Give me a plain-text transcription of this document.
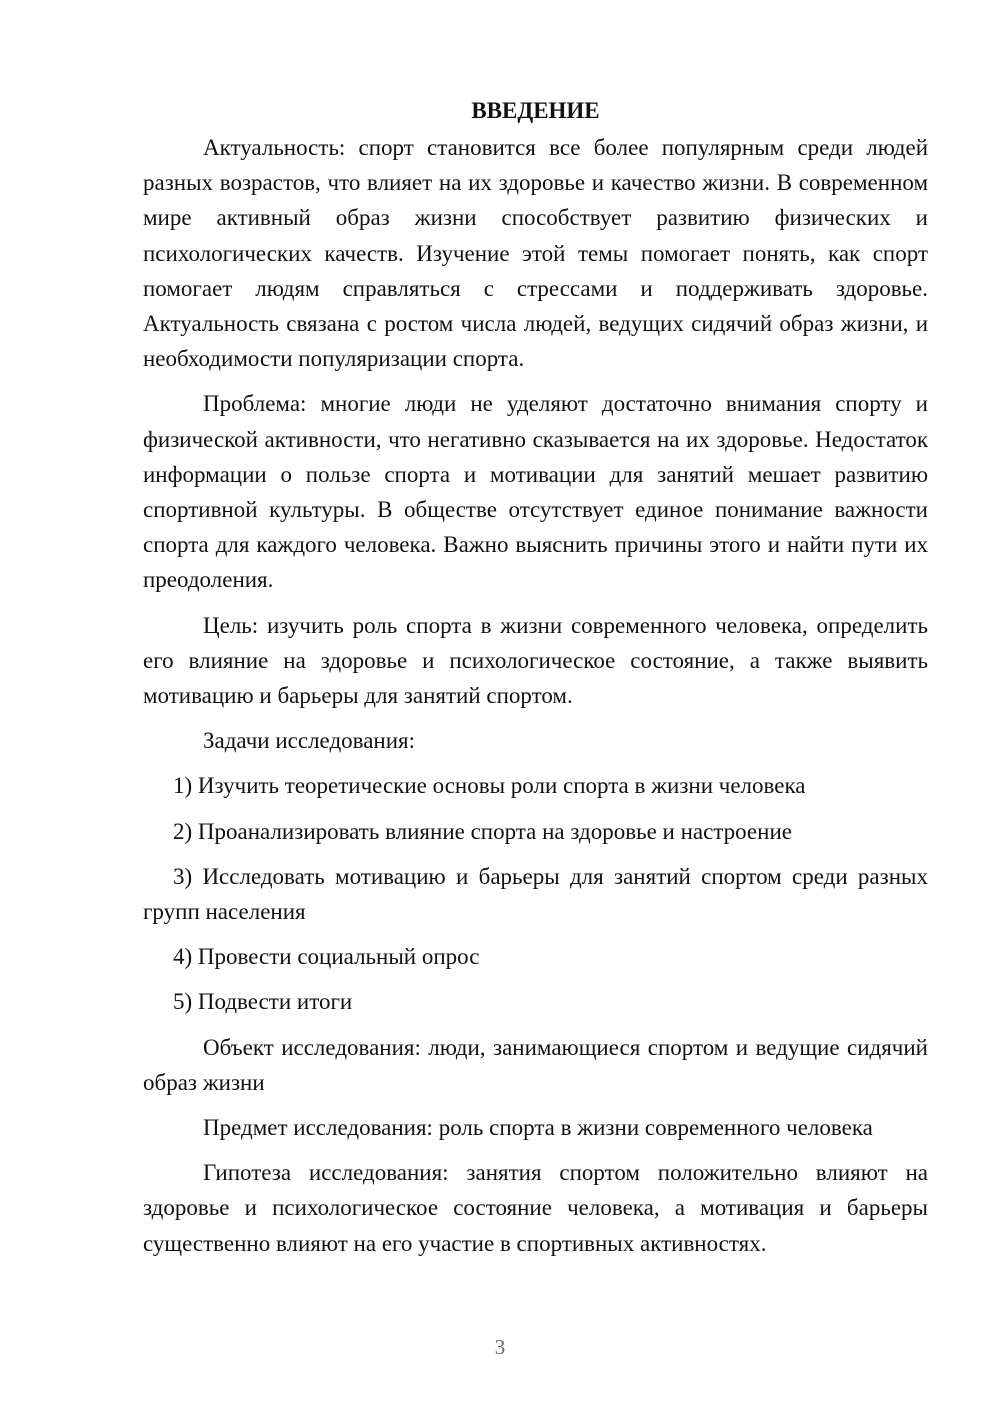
ВВЕДЕНИЕ

Актуальность: спорт становится все более популярным среди людей разных возрастов, что влияет на их здоровье и качество жизни. В современном мире активный образ жизни способствует развитию физических и психологических качеств. Изучение этой темы помогает понять, как спорт помогает людям справляться с стрессами и поддерживать здоровье. Актуальность связана с ростом числа людей, ведущих сидячий образ жизни, и необходимости популяризации спорта.

Проблема: многие люди не уделяют достаточно внимания спорту и физической активности, что негативно сказывается на их здоровье. Недостаток информации о пользе спорта и мотивации для занятий мешает развитию спортивной культуры. В обществе отсутствует единое понимание важности спорта для каждого человека. Важно выяснить причины этого и найти пути их преодоления.

Цель: изучить роль спорта в жизни современного человека, определить его влияние на здоровье и психологическое состояние, а также выявить мотивацию и барьеры для занятий спортом.

Задачи исследования:

1) Изучить теоретические основы роли спорта в жизни человека

2) Проанализировать влияние спорта на здоровье и настроение

3) Исследовать мотивацию и барьеры для занятий спортом среди разных групп населения

4) Провести социальный опрос

5) Подвести итоги

Объект исследования: люди, занимающиеся спортом и ведущие сидячий образ жизни

Предмет исследования: роль спорта в жизни современного человека

Гипотеза исследования: занятия спортом положительно влияют на здоровье и психологическое состояние человека, а мотивация и барьеры существенно влияют на его участие в спортивных активностях.

3
